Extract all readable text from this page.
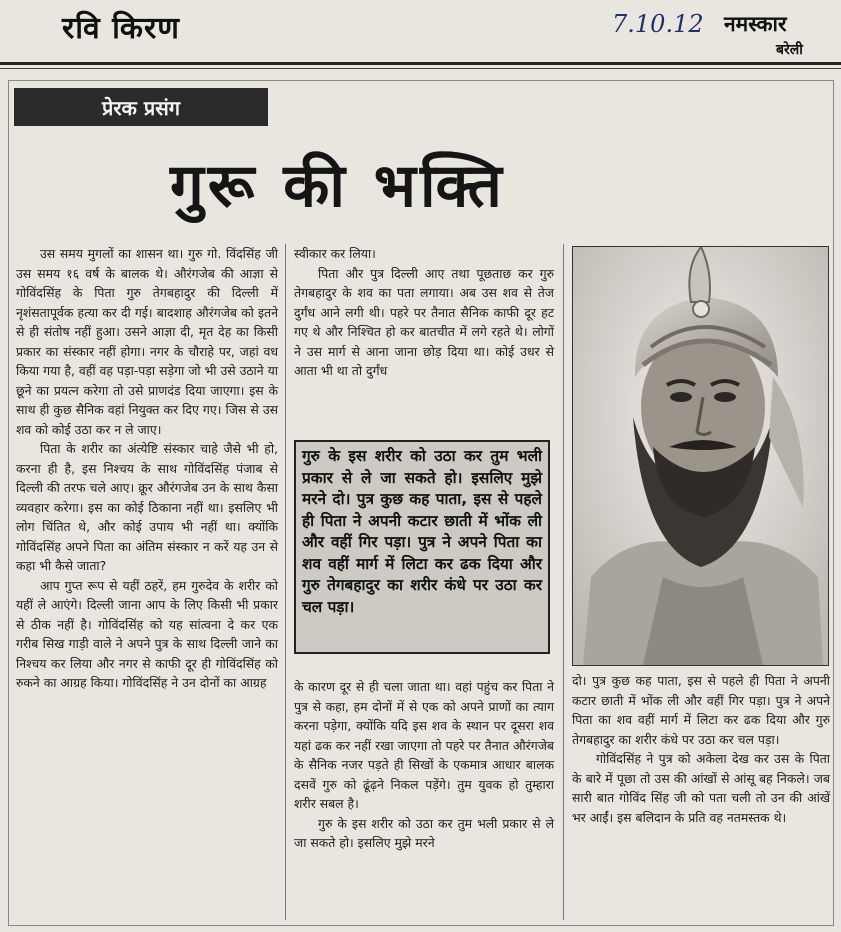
रवि किरण	7.10.12 नमस्कार
बरेली
प्रेरक प्रसंग
गुरू की भक्ति

उस समय मुगलों का शासन था। गुरु गो. विंदसिंह जी उस समय १६ वर्ष के बालक थे। औरंगजेब की आज्ञा से गोविंदसिंह के पिता गुरु तेगबहादुर की दिल्ली में नृशंसतापूर्वक हत्या कर दी गई। बादशाह औरंगजेब को इतने से ही संतोष नहीं हुआ। उसने आज्ञा दी, मृत देह का किसी प्रकार का संस्कार नहीं होगा। नगर के चौराहे पर, जहां वध किया गया है, वहीं वह पड़ा-पड़ा सड़ेगा जो भी उसे उठाने या छूने का प्रयत्न करेगा तो उसे प्राणदंड दिया जाएगा। इस के साथ ही कुछ सैनिक वहां नियुक्त कर दिए गए। जिस से उस शव को कोई उठा कर न ले जाए।

पिता के शरीर का अंत्येष्टि संस्कार चाहे जैसे भी हो, करना ही है, इस निश्चय के साथ गोविंदसिंह पंजाब से दिल्ली की तरफ चले आए। क्रूर औरंगजेब उन के साथ कैसा व्यवहार करेगा। इस का कोई ठिकाना नहीं था। इसलिए भी लोग चिंतित थे, और कोई उपाय भी नहीं था। क्योंकि गोविंदसिंह अपने पिता का अंतिम संस्कार न करें यह उन से कहा भी कैसे जाता?

आप गुप्त रूप से यहीं ठहरें, हम गुरुदेव के शरीर को यहीं ले आएंगे। दिल्ली जाना आप के लिए किसी भी प्रकार से ठीक नहीं है। गोविंदसिंह को यह सांत्वना दे कर एक गरीब सिख गाड़ी वाले ने अपने पुत्र के साथ दिल्ली जाने का निश्चय कर लिया और नगर से काफी दूर ही गोविंदसिंह को रुकने का आग्रह किया। गोविंदसिंह ने उन दोनों का आग्रह

स्वीकार कर लिया।

पिता और पुत्र दिल्ली आए तथा पूछताछ कर गुरु तेगबहादुर के शव का पता लगाया। अब उस शव से तेज दुर्गंध आने लगी थी। पहरे पर तैनात सैनिक काफी दूर हट गए थे और निश्चित हो कर बातचीत में लगे रहते थे। लोगों ने उस मार्ग से आना जाना छोड़ दिया था। कोई उधर से आता भी था तो दुर्गंध

गुरु के इस शरीर को उठा कर तुम भली प्रकार से ले जा सकते हो। इसलिए मुझे मरने दो। पुत्र कुछ कह पाता, इस से पहले ही पिता ने अपनी कटार छाती में भोंक ली और वहीं गिर पड़ा। पुत्र ने अपने पिता का शव वहीं मार्ग में लिटा कर ढक दिया और गुरु तेगबहादुर का शरीर कंधे पर उठा कर चल पड़ा।

के कारण दूर से ही चला जाता था। वहां पहुंच कर पिता ने पुत्र से कहा, हम दोनों में से एक को अपने प्राणों का त्याग करना पड़ेगा, क्योंकि यदि इस शव के स्थान पर दूसरा शव यहां ढक कर नहीं रखा जाएगा तो पहरे पर तैनात औरंगजेब के सैनिक नजर पड़ते ही सिखों के एकमात्र आधार बालक दसवें गुरु को ढूंढ़ने निकल पड़ेंगे। तुम युवक हो तुम्हारा शरीर सबल है।

गुरु के इस शरीर को उठा कर तुम भली प्रकार से ले जा सकते हो। इसलिए मुझे मरने

दो। पुत्र कुछ कह पाता, इस से पहले ही पिता ने अपनी कटार छाती में भोंक ली और वहीं गिर पड़ा। पुत्र ने अपने पिता का शव वहीं मार्ग में लिटा कर ढक दिया और गुरु तेगबहादुर का शरीर कंधे पर उठा कर चल पड़ा।

गोविंदसिंह ने पुत्र को अकेला देख कर उस के पिता के बारे में पूछा तो उस की आंखों से आंसू बह निकले। जब सारी बात गोविंद सिंह जी को पता चली तो उन की आंखें भर आईं। इस बलिदान के प्रति वह नतमस्तक थे।
